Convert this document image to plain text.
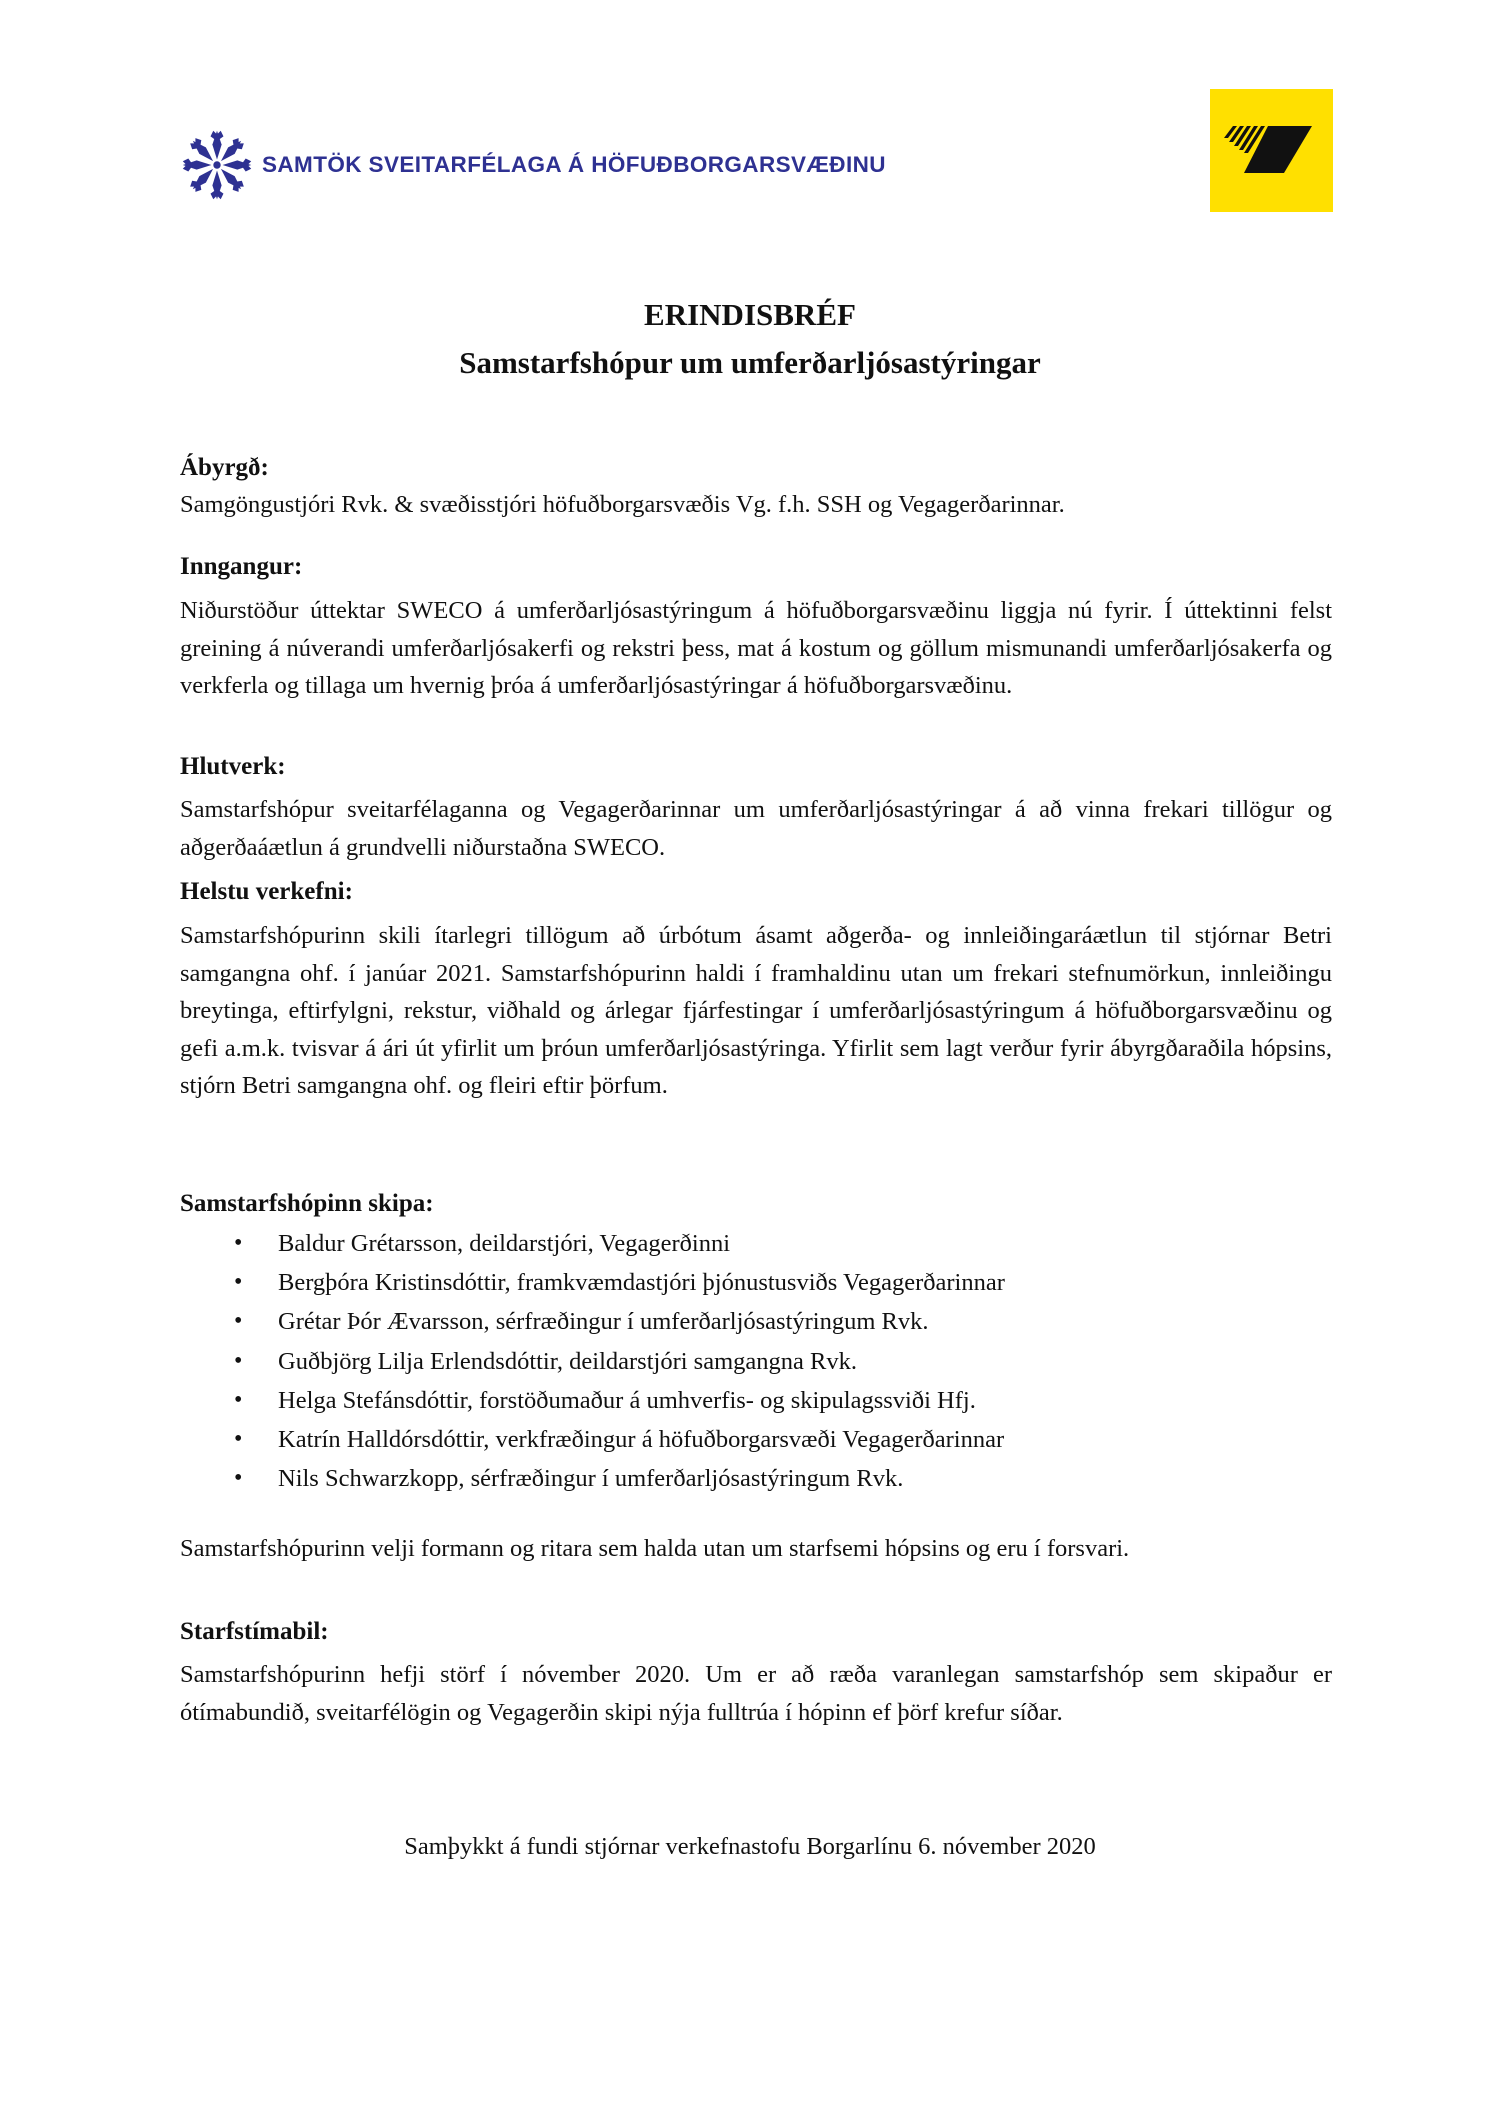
SAMTÖK SVEITARFÉLAGA Á HÖFUÐBORGARSVÆÐINU
ERINDISBRÉF
Samstarfshópur um umferðarljósastýringar
Ábyrgð:
Samgöngustjóri Rvk. & svæðisstjóri höfuðborgarsvæðis Vg. f.h. SSH og Vegagerðarinnar.
Inngangur:
Niðurstöður úttektar SWECO á umferðarljósastýringum á höfuðborgarsvæðinu liggja nú fyrir. Í úttektinni felst greining á núverandi umferðarljósakerfi og rekstri þess, mat á kostum og göllum mismunandi umferðarljósakerfa og verkferla og tillaga um hvernig þróa á umferðarljósastýringar á höfuðborgarsvæðinu.
Hlutverk:
Samstarfshópur sveitarfélaganna og Vegagerðarinnar um umferðarljósastýringar á að vinna frekari tillögur og aðgerðaáætlun á grundvelli niðurstaðna SWECO.
Helstu verkefni:
Samstarfshópurinn skili ítarlegri tillögum að úrbótum ásamt aðgerða- og innleiðingaráætlun til stjórnar Betri samgangna ohf. í janúar 2021. Samstarfshópurinn haldi í framhaldinu utan um frekari stefnumörkun, innleiðingu breytinga, eftirfylgni, rekstur, viðhald og árlegar fjárfestingar í umferðarljósastýringum á höfuðborgarsvæðinu og gefi a.m.k. tvisvar á ári út yfirlit um þróun umferðarljósastýringa. Yfirlit sem lagt verður fyrir ábyrgðaraðila hópsins, stjórn Betri samgangna ohf. og fleiri eftir þörfum.
Samstarfshópinn skipa:
• Baldur Grétarsson, deildarstjóri, Vegagerðinni
• Bergþóra Kristinsdóttir, framkvæmdastjóri þjónustusviðs Vegagerðarinnar
• Grétar Þór Ævarsson, sérfræðingur í umferðarljósastýringum Rvk.
• Guðbjörg Lilja Erlendsdóttir, deildarstjóri samgangna Rvk.
• Helga Stefánsdóttir, forstöðumaður á umhverfis- og skipulagssviði Hfj.
• Katrín Halldórsdóttir, verkfræðingur á höfuðborgarsvæði Vegagerðarinnar
• Nils Schwarzkopp, sérfræðingur í umferðarljósastýringum Rvk.
Samstarfshópurinn velji formann og ritara sem halda utan um starfsemi hópsins og eru í forsvari.
Starfstímabil:
Samstarfshópurinn hefji störf í nóvember 2020. Um er að ræða varanlegan samstarfshóp sem skipaður er ótímabundið, sveitarfélögin og Vegagerðin skipi nýja fulltrúa í hópinn ef þörf krefur síðar.
Samþykkt á fundi stjórnar verkefnastofu Borgarlínu 6. nóvember 2020
